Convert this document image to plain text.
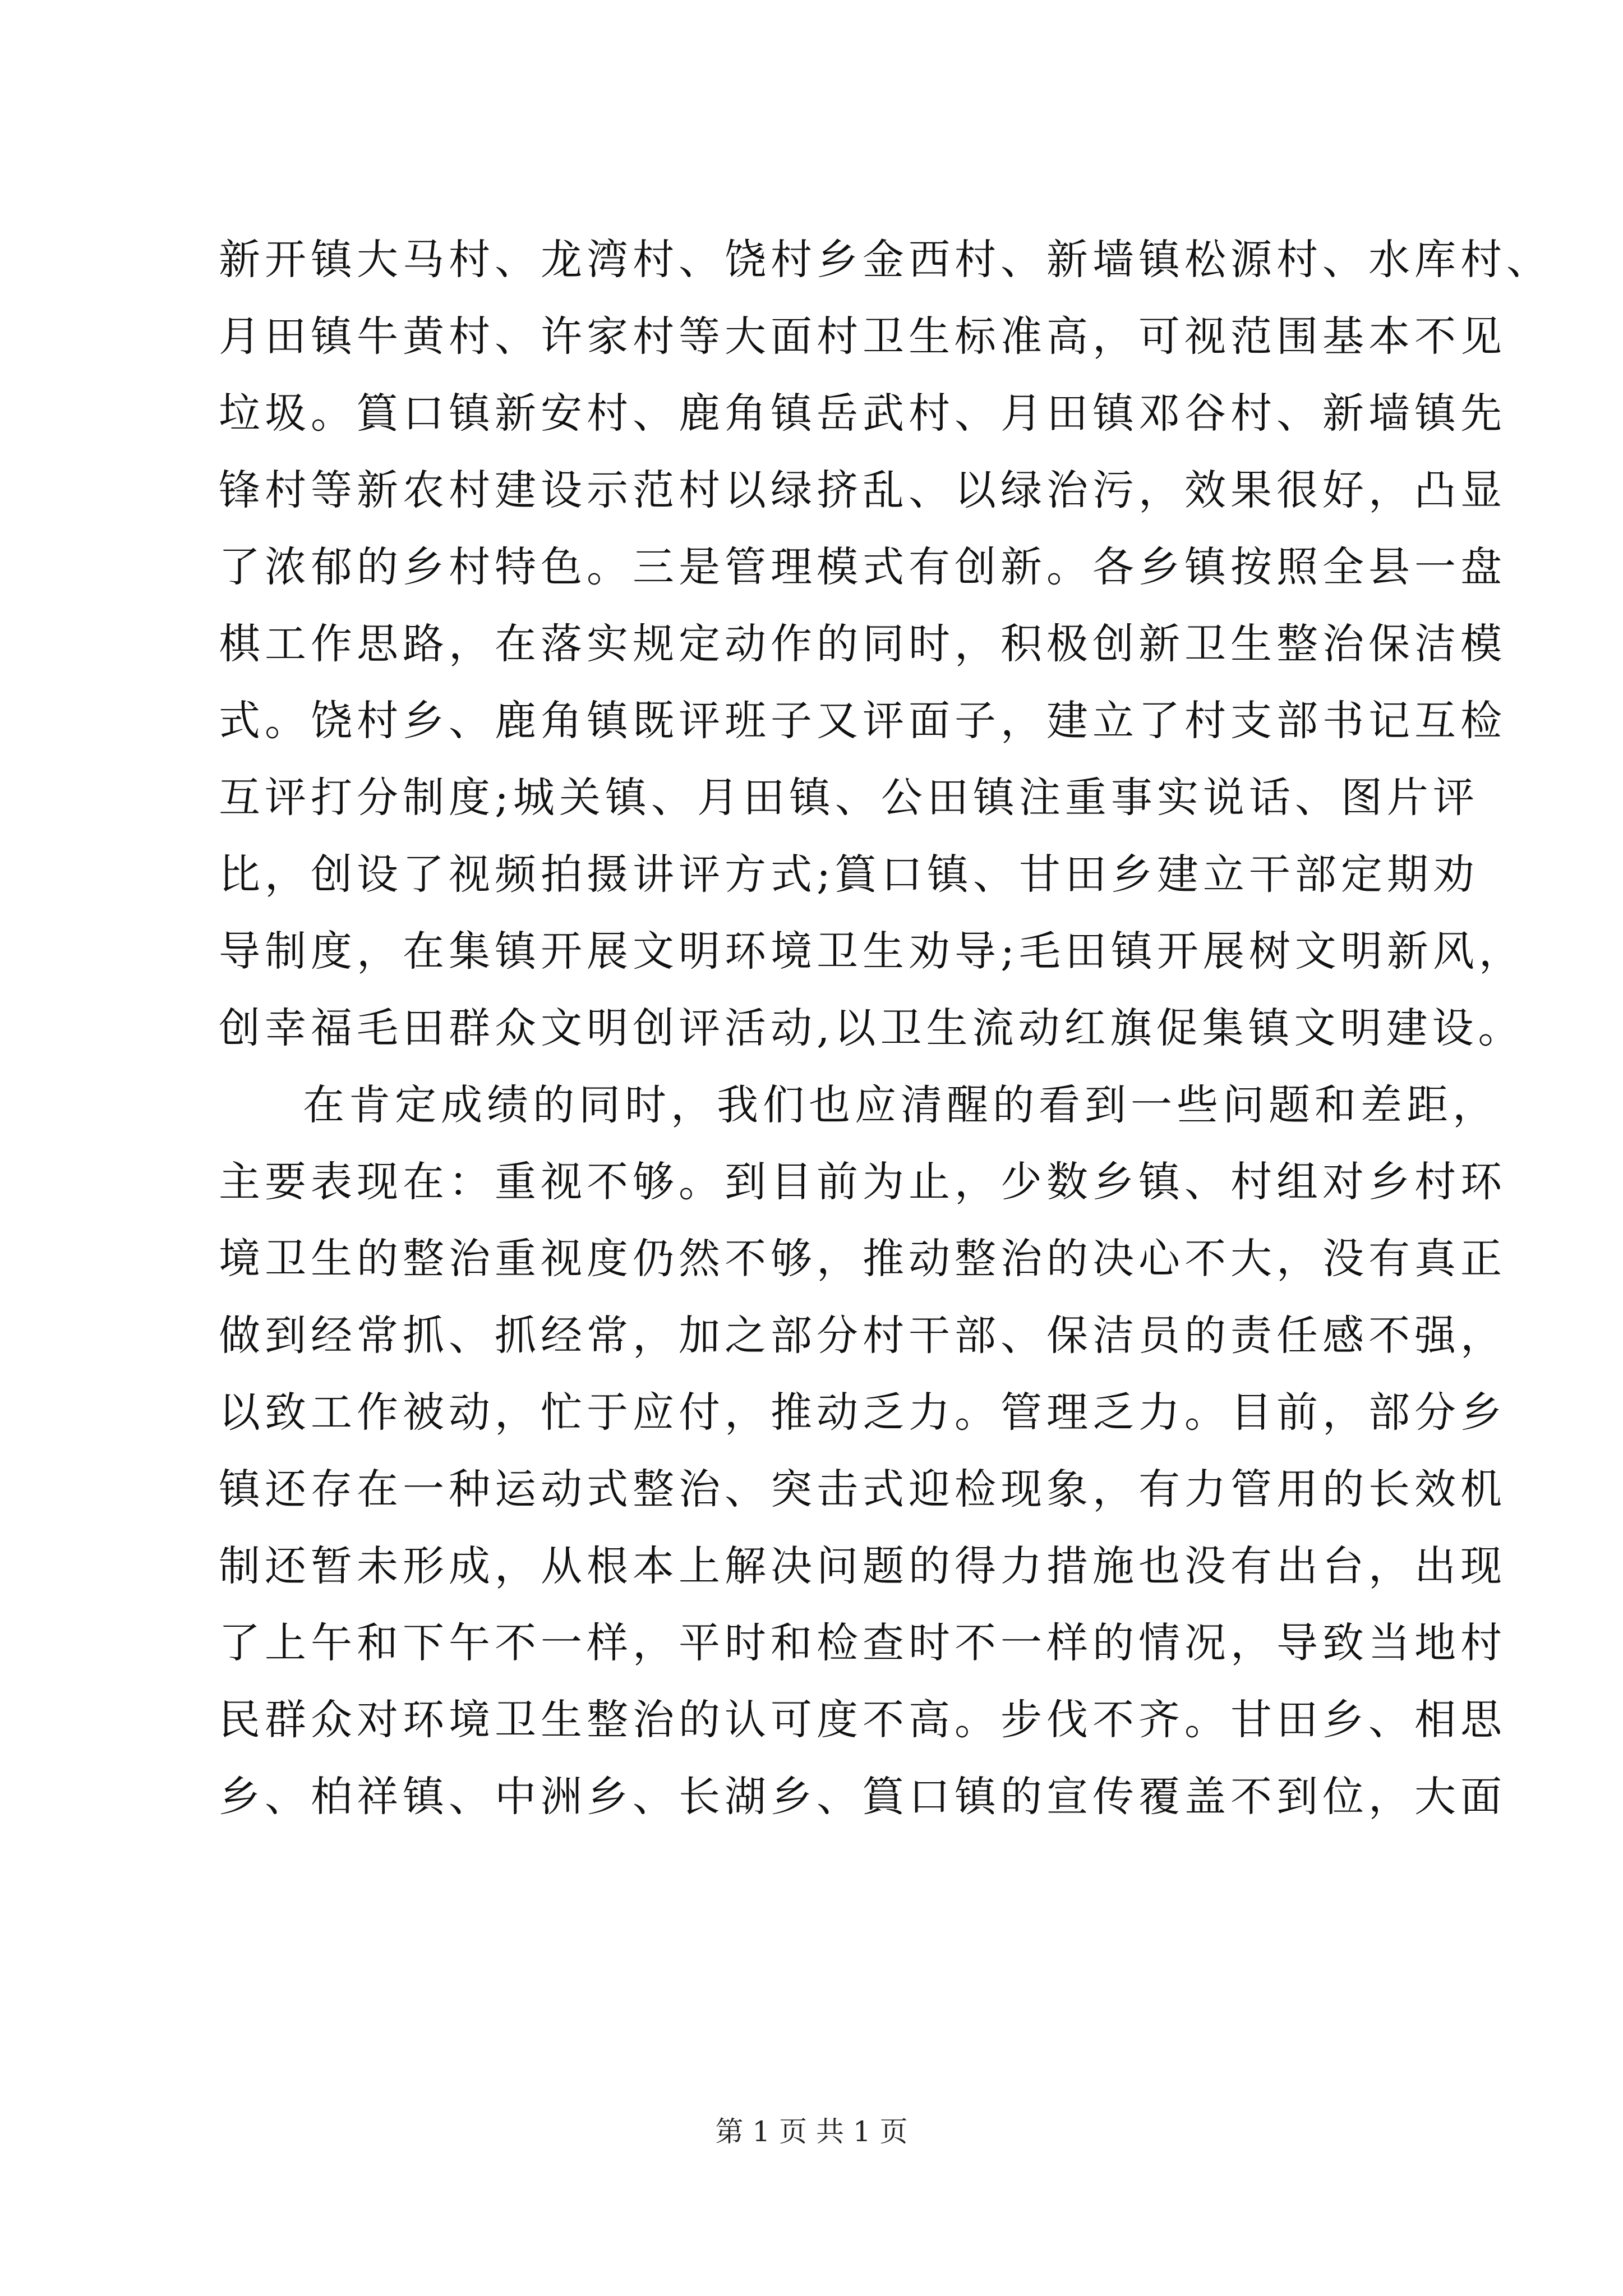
新开镇大马村、龙湾村、饶村乡金西村、新墙镇松源村、水库村、
月田镇牛黄村、许家村等大面村卫生标准高，可视范围基本不见
垃圾。篔口镇新安村、鹿角镇岳武村、月田镇邓谷村、新墙镇先
锋村等新农村建设示范村以绿挤乱、以绿治污，效果很好，凸显
了浓郁的乡村特色。三是管理模式有创新。各乡镇按照全县一盘
棋工作思路，在落实规定动作的同时，积极创新卫生整治保洁模
式。饶村乡、鹿角镇既评班子又评面子，建立了村支部书记互检
互评打分制度;城关镇、月田镇、公田镇注重事实说话、图片评
比，创设了视频拍摄讲评方式;篔口镇、甘田乡建立干部定期劝
导制度，在集镇开展文明环境卫生劝导;毛田镇开展树文明新风，
创幸福毛田群众文明创评活动,以卫生流动红旗促集镇文明建设。
在肯定成绩的同时，我们也应清醒的看到一些问题和差距，
主要表现在：重视不够。到目前为止，少数乡镇、村组对乡村环
境卫生的整治重视度仍然不够，推动整治的决心不大，没有真正
做到经常抓、抓经常，加之部分村干部、保洁员的责任感不强，
以致工作被动，忙于应付，推动乏力。管理乏力。目前，部分乡
镇还存在一种运动式整治、突击式迎检现象，有力管用的长效机
制还暂未形成，从根本上解决问题的得力措施也没有出台，出现
了上午和下午不一样，平时和检查时不一样的情况，导致当地村
民群众对环境卫生整治的认可度不高。步伐不齐。甘田乡、相思
乡、柏祥镇、中洲乡、长湖乡、篔口镇的宣传覆盖不到位，大面
第 1 页 共 1 页
